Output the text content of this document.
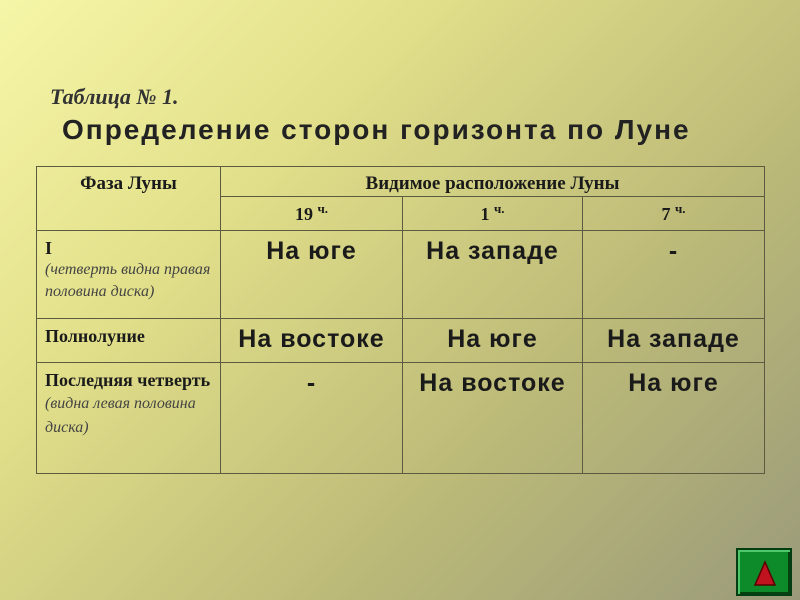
Таблица № 1.
Определение сторон горизонта по Луне
Фаза Луны	Видимое расположение Луны		
	19 $^{ч.}$	1 $^{ч.}$	7 $^{ч.}$

I
(четверть видна правая половина диска)	На юге	На западе	-

Полнолуние	На востоке	На юге	На западе

Последняя четверть (видна левая половина диска)	-	На востоке	На юге
